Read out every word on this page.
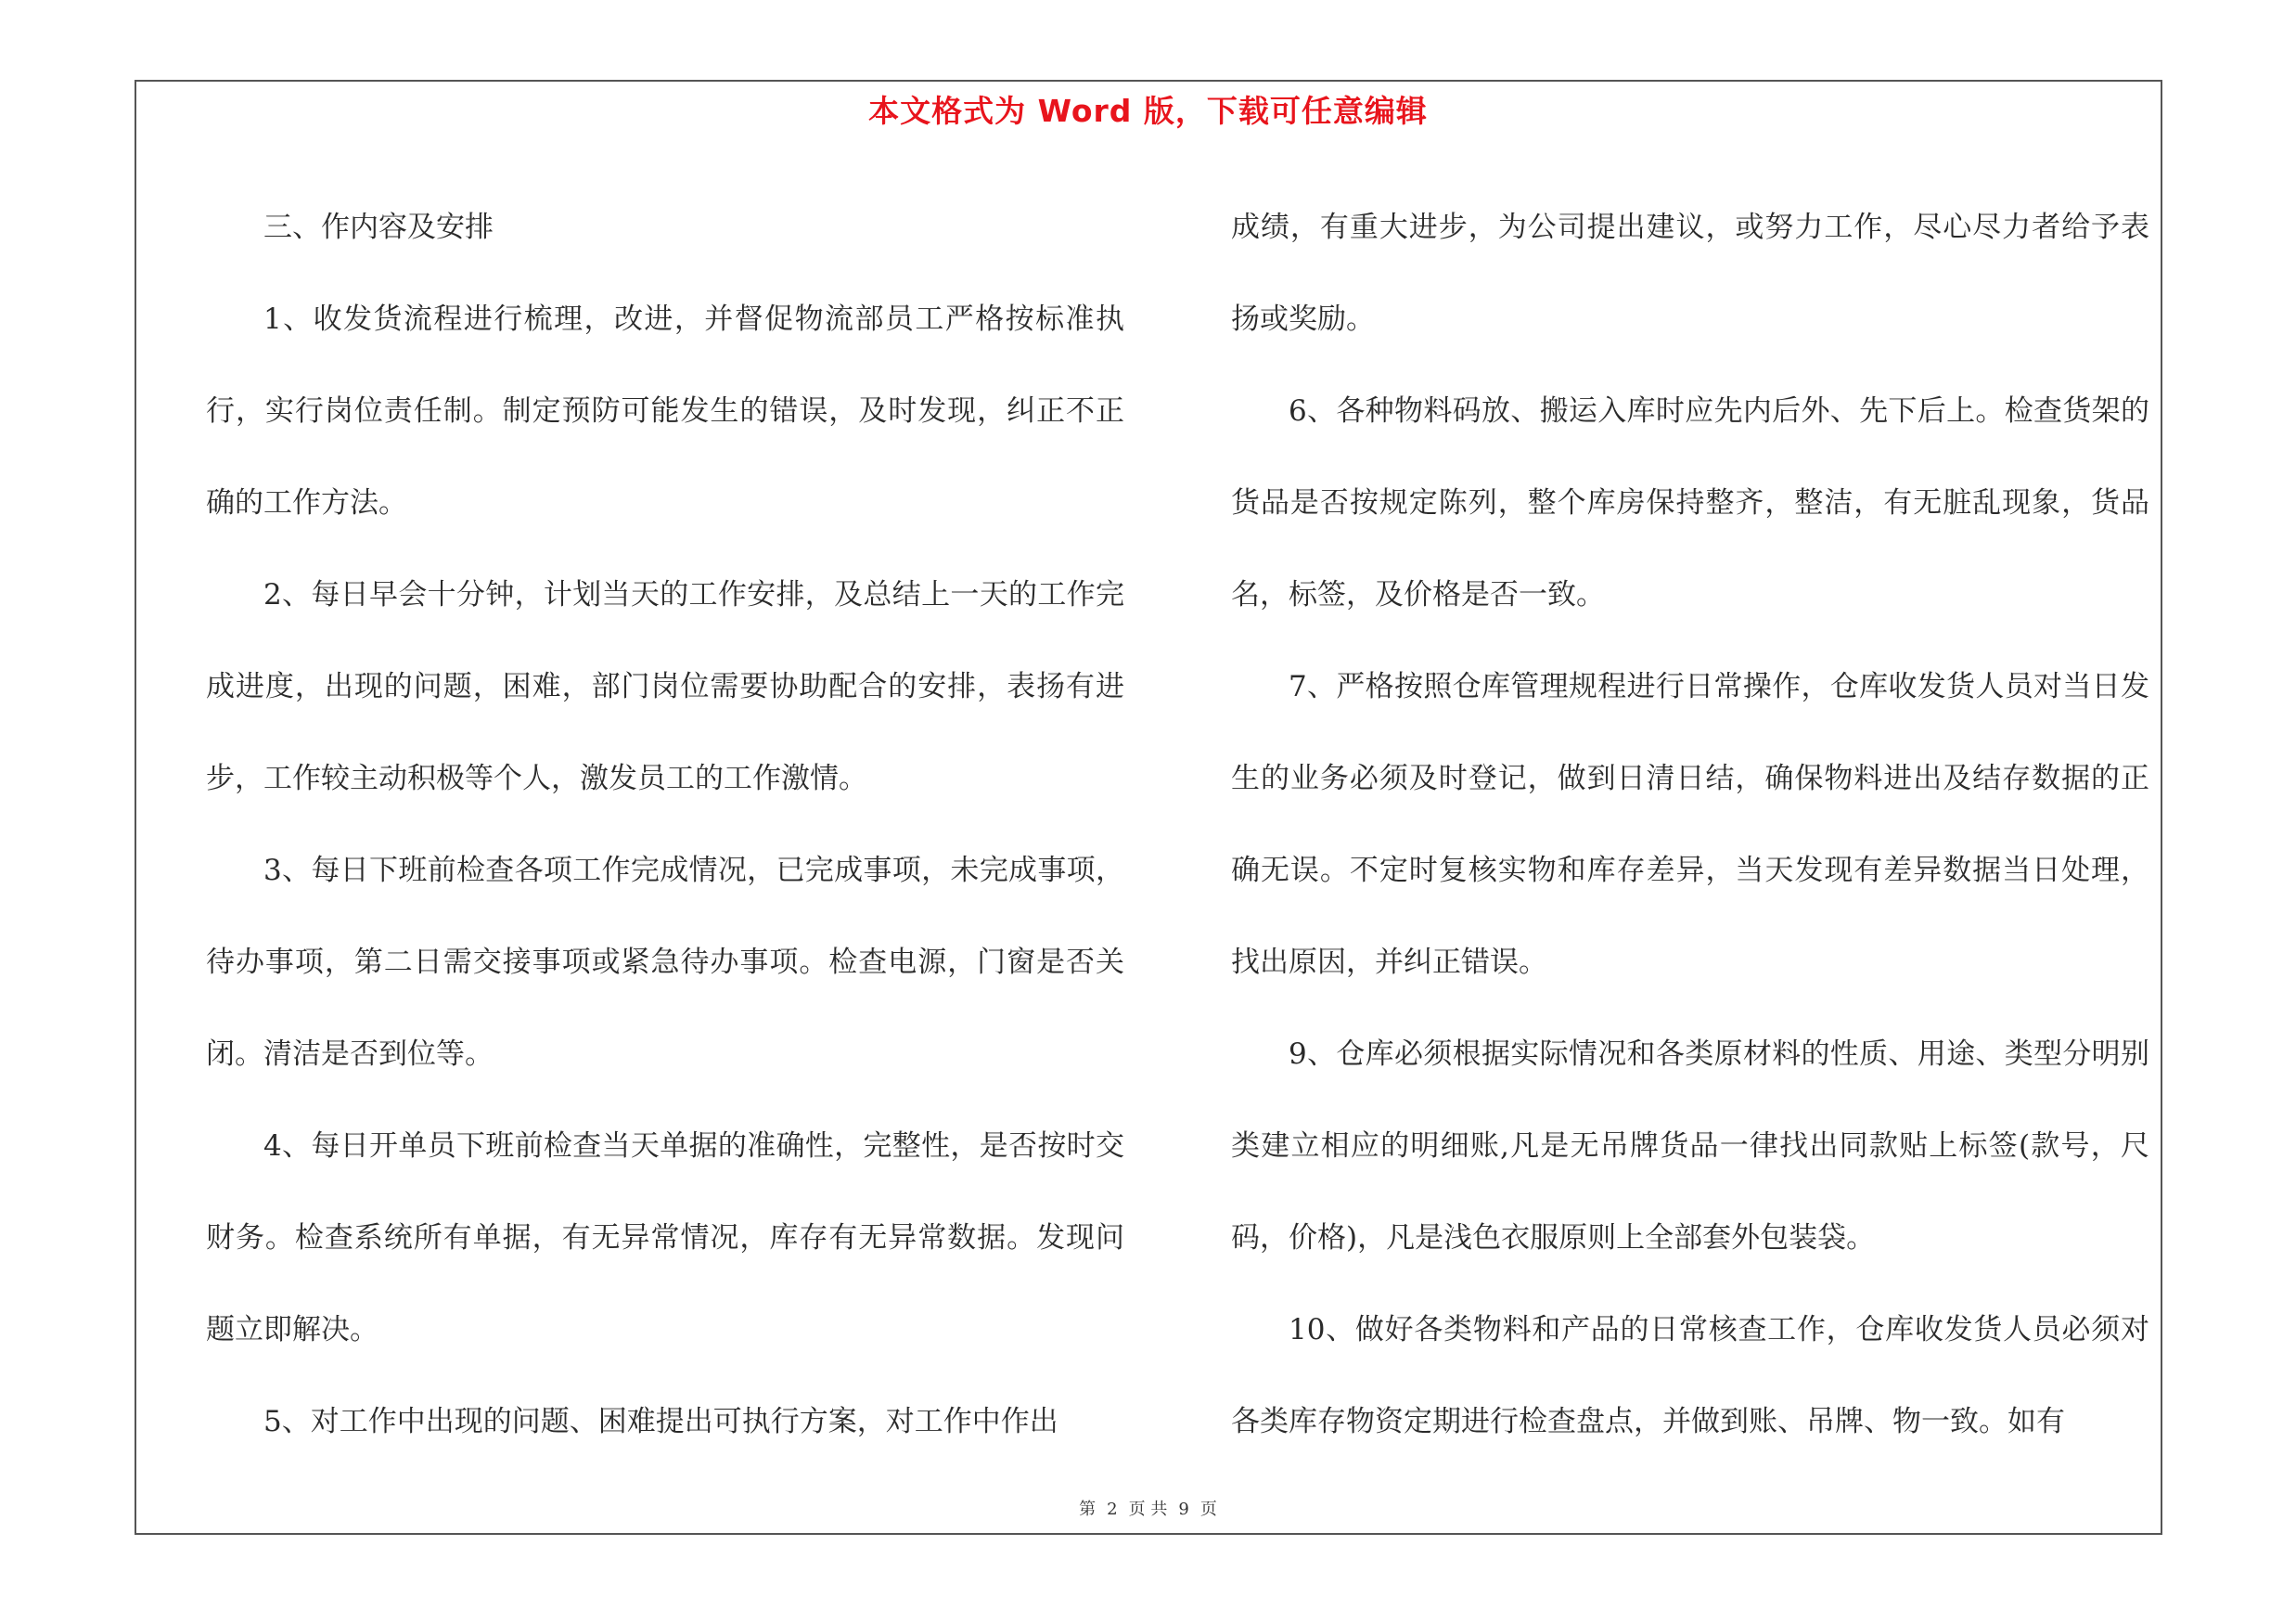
本文格式为 Word 版，下载可任意编辑

三、作内容及安排

1、收发货流程进行梳理，改进，并督促物流部员工严格按标准执行，实行岗位责任制。制定预防可能发生的错误，及时发现，纠正不正确的工作方法。

2、每日早会十分钟，计划当天的工作安排，及总结上一天的工作完成进度，出现的问题，困难，部门岗位需要协助配合的安排，表扬有进步，工作较主动积极等个人，激发员工的工作激情。

3、每日下班前检查各项工作完成情况，已完成事项，未完成事项，待办事项，第二日需交接事项或紧急待办事项。检查电源，门窗是否关闭。清洁是否到位等。

4、每日开单员下班前检查当天单据的准确性，完整性，是否按时交财务。检查系统所有单据，有无异常情况，库存有无异常数据。发现问题立即解决。

5、对工作中出现的问题、困难提出可执行方案，对工作中作出

成绩，有重大进步，为公司提出建议，或努力工作，尽心尽力者给予表扬或奖励。

6、各种物料码放、搬运入库时应先内后外、先下后上。检查货架的货品是否按规定陈列，整个库房保持整齐，整洁，有无脏乱现象，货品名，标签，及价格是否一致。

7、严格按照仓库管理规程进行日常操作，仓库收发货人员对当日发生的业务必须及时登记，做到日清日结，确保物料进出及结存数据的正确无误。不定时复核实物和库存差异，当天发现有差异数据当日处理，找出原因，并纠正错误。

9、仓库必须根据实际情况和各类原材料的性质、用途、类型分明别类建立相应的明细账,凡是无吊牌货品一律找出同款贴上标签(款号，尺码，价格)，凡是浅色衣服原则上全部套外包装袋。

10、做好各类物料和产品的日常核查工作，仓库收发货人员必须对各类库存物资定期进行检查盘点，并做到账、吊牌、物一致。如有

第 2 页 共 9 页
